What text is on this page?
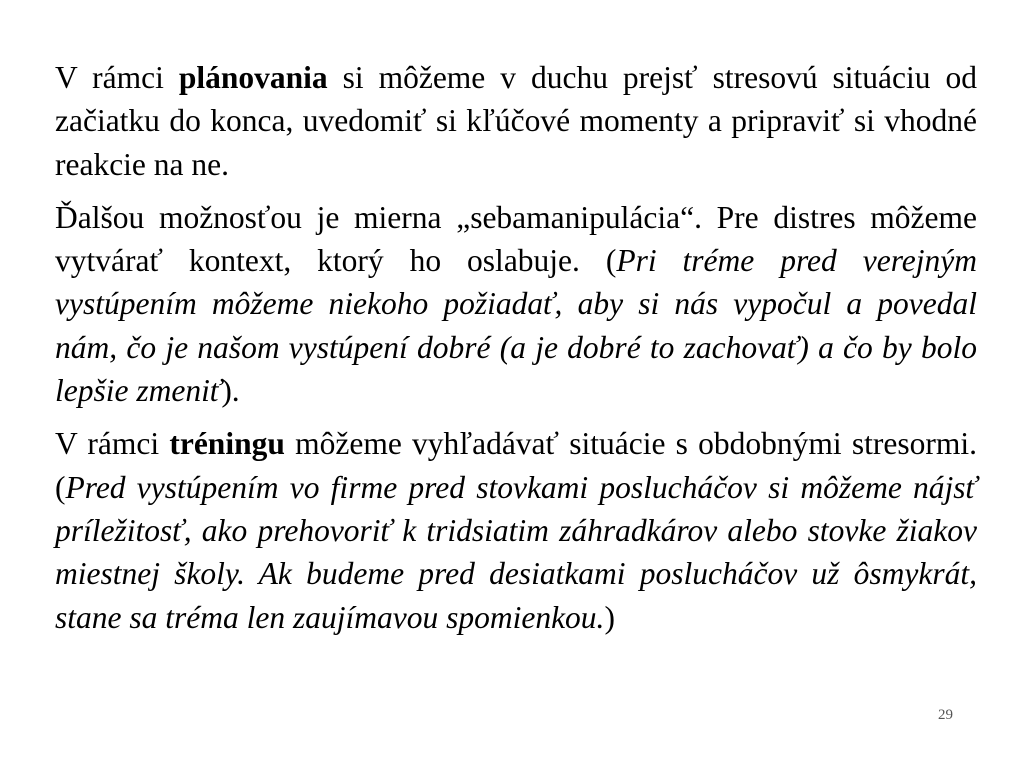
V rámci plánovania si môžeme v duchu prejsť stresovú situáciu od začiatku do konca, uvedomiť si kľúčové momenty a pripraviť si vhodné reakcie na ne.

Ďalšou možnosťou je mierna „sebamanipulácia“. Pre distres môžeme vytvárať kontext, ktorý ho oslabuje. (Pri tréme pred verejným vystúpením môžeme niekoho požiadať, aby si nás vypočul a povedal nám, čo je našom vystúpení dobré (a je dobré to zachovať) a čo by bolo lepšie zmeniť).

V rámci tréningu môžeme vyhľadávať situácie s obdobnými stresormi. (Pred vystúpením vo firme pred stovkami poslucháčov si môžeme nájsť príležitosť, ako prehovoriť k tridsiatim záhradkárov alebo stovke žiakov miestnej školy. Ak budeme pred desiatkami poslucháčov už ôsmykrát, stane sa tréma len zaujímavou spomienkou.)

29
